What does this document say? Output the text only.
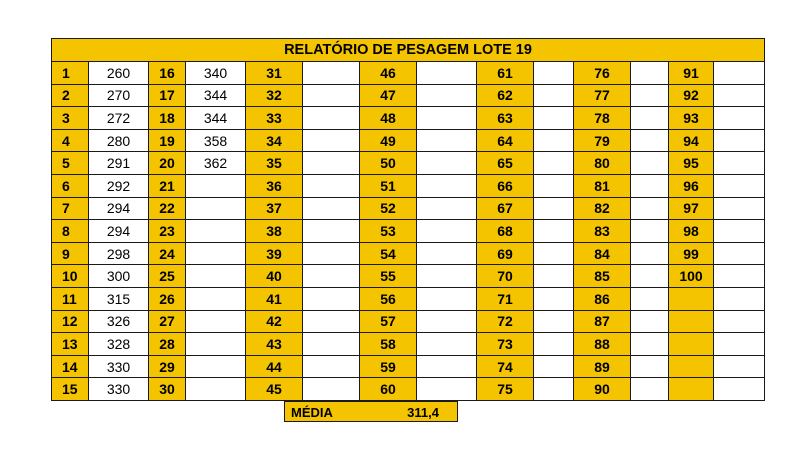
RELATÓRIO DE PESAGEM LOTE 19													
1	260	16	340	31		46		61		76		91	
2	270	17	344	32		47		62		77		92	
3	272	18	344	33		48		63		78		93	
4	280	19	358	34		49		64		79		94	
5	291	20	362	35		50		65		80		95	
6	292	21		36		51		66		81		96	
7	294	22		37		52		67		82		97	
8	294	23		38		53		68		83		98	
9	298	24		39		54		69		84		99	
10	300	25		40		55		70		85		100	
11	315	26		41		56		71		86			
12	326	27		42		57		72		87			
13	328	28		43		58		73		88			
14	330	29		44		59		74		89			
15	330	30		45		60		75		90			
MÉDIA	311,4
